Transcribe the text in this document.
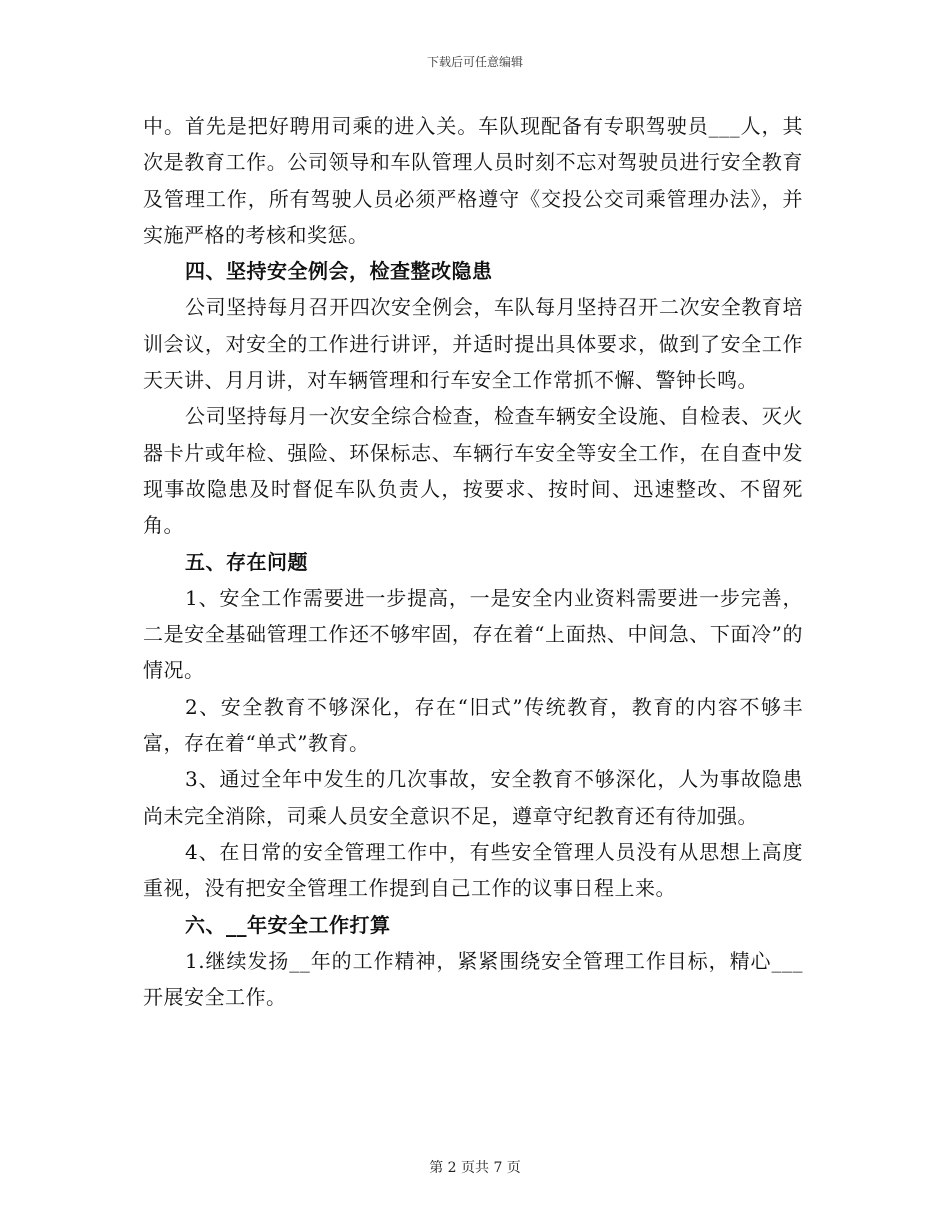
下载后可任意编辑

中。首先是把好聘用司乘的进入关。车队现配备有专职驾驶员___人，其次是教育工作。公司领导和车队管理人员时刻不忘对驾驶员进行安全教育及管理工作，所有驾驶人员必须严格遵守《交投公交司乘管理办法》，并实施严格的考核和奖惩。

四、坚持安全例会，检查整改隐患

公司坚持每月召开四次安全例会，车队每月坚持召开二次安全教育培训会议，对安全的工作进行讲评，并适时提出具体要求，做到了安全工作天天讲、月月讲，对车辆管理和行车安全工作常抓不懈、警钟长鸣。

公司坚持每月一次安全综合检查，检查车辆安全设施、自检表、灭火器卡片或年检、强险、环保标志、车辆行车安全等安全工作，在自查中发现事故隐患及时督促车队负责人，按要求、按时间、迅速整改、不留死角。

五、存在问题

1、安全工作需要进一步提高，一是安全内业资料需要进一步完善，二是安全基础管理工作还不够牢固，存在着“上面热、中间急、下面冷”的情况。

2、安全教育不够深化，存在“旧式”传统教育，教育的内容不够丰富，存在着“单式”教育。

3、通过全年中发生的几次事故，安全教育不够深化，人为事故隐患尚未完全消除，司乘人员安全意识不足，遵章守纪教育还有待加强。

4、在日常的安全管理工作中，有些安全管理人员没有从思想上高度重视，没有把安全管理工作提到自己工作的议事日程上来。

六、__年安全工作打算

1.继续发扬__年的工作精神，紧紧围绕安全管理工作目标，精心___开展安全工作。

第 2 页共 7 页
